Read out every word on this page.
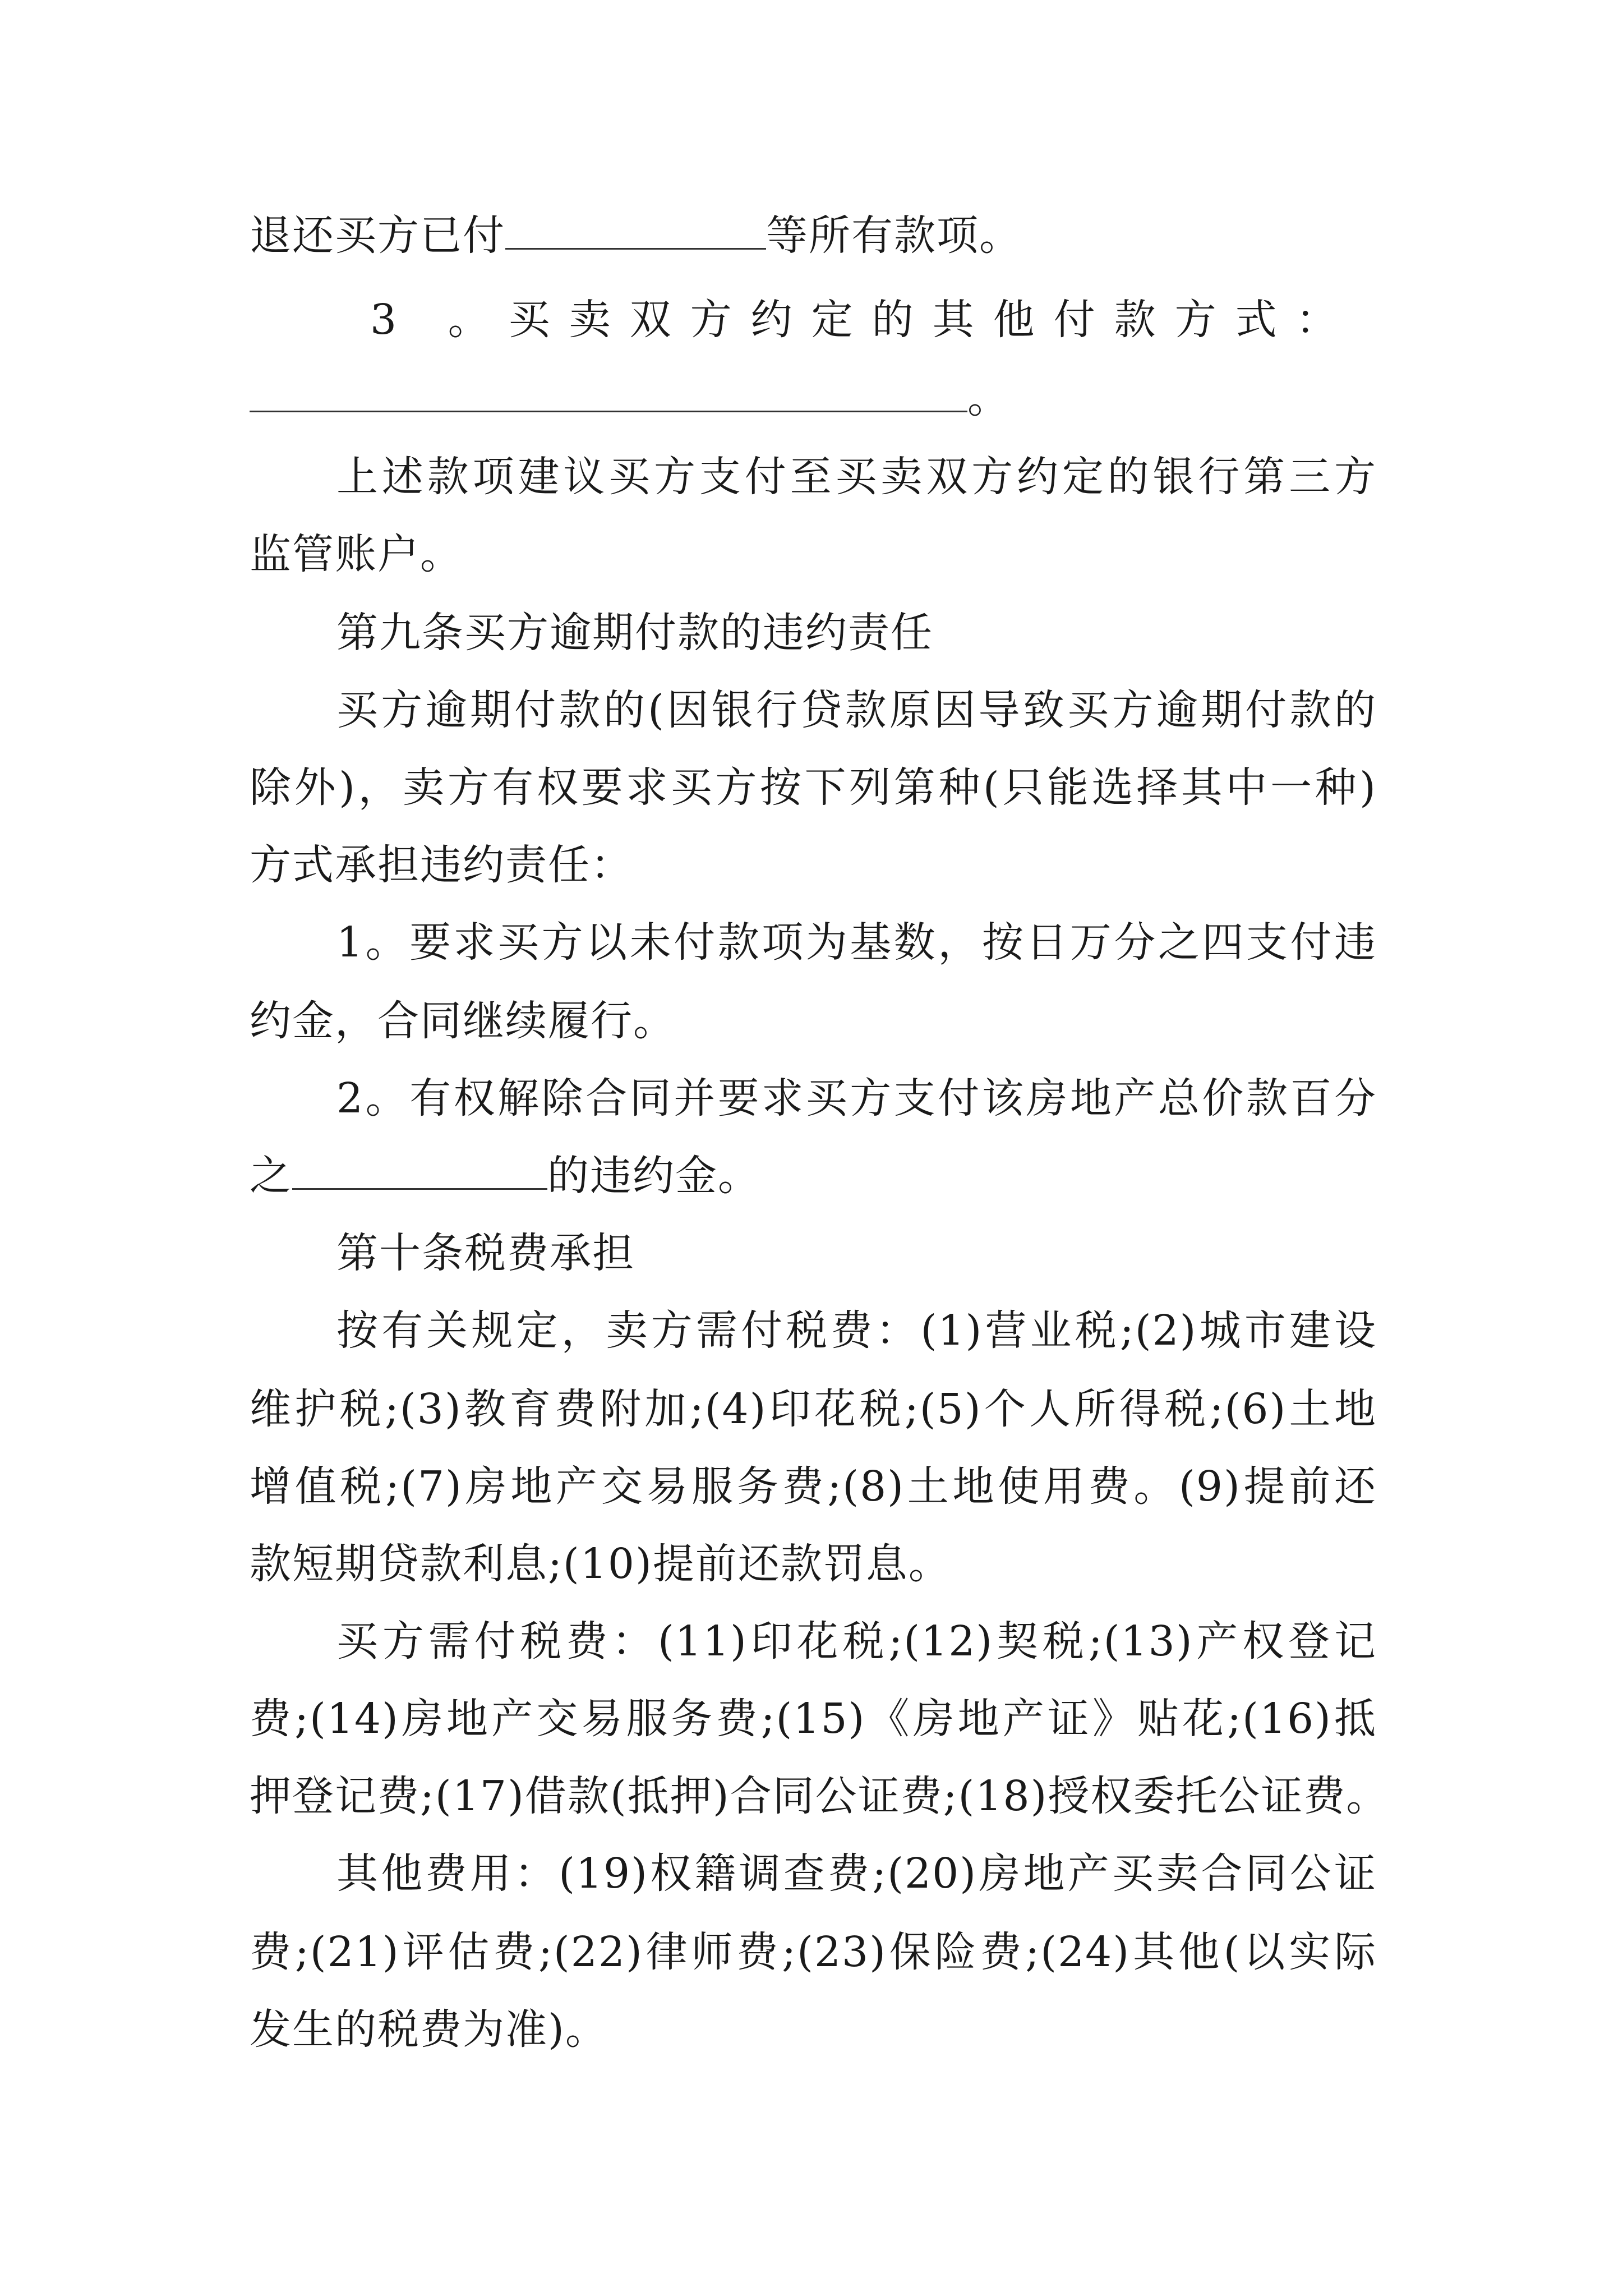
退还买方已付	等所有款项。
3 。买卖双方约定的其他付款方式：
。
上述款项建议买方支付至买卖双方约定的银行第三方
监管账户。
第九条买方逾期付款的违约责任
买方逾期付款的(因银行贷款原因导致买方逾期付款的
除外)，卖方有权要求买方按下列第种(只能选择其中一种)
方式承担违约责任：
1。要求买方以未付款项为基数，按日万分之四支付违
约金，合同继续履行。
2。有权解除合同并要求买方支付该房地产总价款百分
之	的违约金。
第十条税费承担
按有关规定，卖方需付税费：(1)营业税;(2)城市建设
维护税;(3)教育费附加;(4)印花税;(5)个人所得税;(6)土地
增值税;(7)房地产交易服务费;(8)土地使用费。(9)提前还
款短期贷款利息;(10)提前还款罚息。
买方需付税费：(11)印花税;(12)契税;(13)产权登记
费;(14)房地产交易服务费;(15)《房地产证》贴花;(16)抵
押登记费;(17)借款(抵押)合同公证费;(18)授权委托公证费。
其他费用：(19)权籍调查费;(20)房地产买卖合同公证
费;(21)评估费;(22)律师费;(23)保险费;(24)其他(以实际
发生的税费为准)。
